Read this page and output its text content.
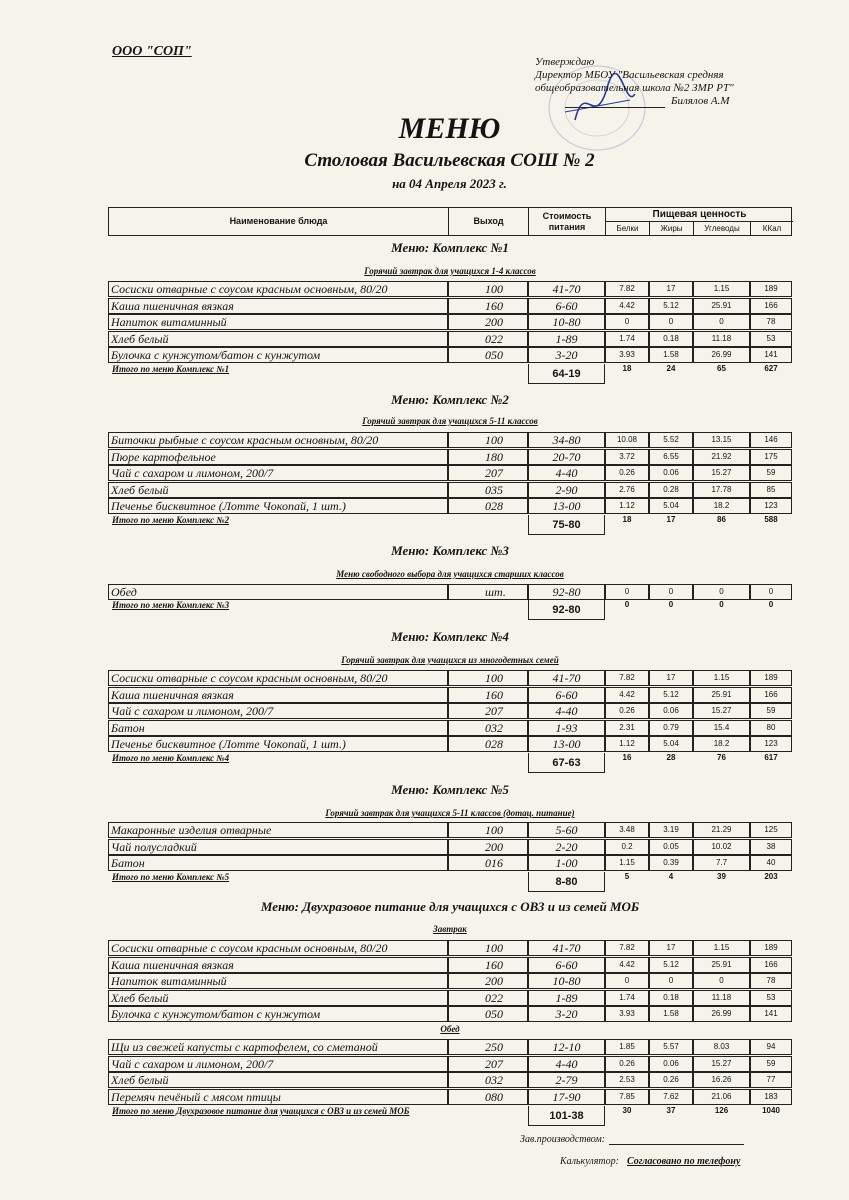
ООО "СОП"
Утверждаю
Директор МБОУ "Васильевская средняя
общеобразовательная школа №2 ЗМР РТ"
Билялов А.М
МЕНЮ
Столовая Васильевская СОШ № 2
на 04 Апреля 2023 г.
Наименование блюда	Выход
Стоимость питания
Пищевая ценность
Белки	Жиры	Углеводы	ККал
Меню: Комплекс №1
Горячий завтрак для учащихся 1-4 классов
Сосиски отварные с соусом красным основным, 80/20	100	41-70	7.82	17	1.15	189
Каша пшеничная вязкая	160	6-60	4.42	5.12	25.91	166
Напиток витаминный	200	10-80	0	0	0	78
Хлеб белый	022	1-89	1.74	0.18	11.18	53
Булочка с кунжутом/батон с кунжутом	050	3-20	3.93	1.58	26.99	141
Итого по меню Комплекс №1	64-19	18	24	65	627
Меню: Комплекс №2
Горячий завтрак для учащихся 5-11 классов
Биточки рыбные с соусом красным основным, 80/20	100	34-80	10.08	5.52	13.15	146
Пюре картофельное	180	20-70	3.72	6.55	21.92	175
Чай с сахаром и лимоном, 200/7	207	4-40	0.26	0.06	15.27	59
Хлеб белый	035	2-90	2.76	0.28	17.78	85
Печенье бисквитное (Лотте Чокопай, 1 шт.)	028	13-00	1.12	5.04	18.2	123
Итого по меню Комплекс №2	75-80	18	17	86	588
Меню: Комплекс №3
Меню свободного выбора для учащихся старших классов
Обед	шт.	92-80	0	0	0	0
Итого по меню Комплекс №3	92-80	0	0	0	0
Меню: Комплекс №4
Горячий завтрак для учащихся из многодетных семей
Сосиски отварные с соусом красным основным, 80/20	100	41-70	7.82	17	1.15	189
Каша пшеничная вязкая	160	6-60	4.42	5.12	25.91	166
Чай с сахаром и лимоном, 200/7	207	4-40	0.26	0.06	15.27	59
Батон	032	1-93	2.31	0.79	15.4	80
Печенье бисквитное (Лотте Чокопай, 1 шт.)	028	13-00	1.12	5.04	18.2	123
Итого по меню Комплекс №4	67-63	16	28	76	617
Меню: Комплекс №5
Горячий завтрак для учащихся 5-11 классов (дотац. питание)
Макаронные изделия отварные	100	5-60	3.48	3.19	21.29	125
Чай полусладкий	200	2-20	0.2	0.05	10.02	38
Батон	016	1-00	1.15	0.39	7.7	40
Итого по меню Комплекс №5	8-80	5	4	39	203
Меню: Двухразовое питание для учащихся с ОВЗ и из семей МОБ
Завтрак
Сосиски отварные с соусом красным основным, 80/20	100	41-70	7.82	17	1.15	189
Каша пшеничная вязкая	160	6-60	4.42	5.12	25.91	166
Напиток витаминный	200	10-80	0	0	0	78
Хлеб белый	022	1-89	1.74	0.18	11.18	53
Булочка с кунжутом/батон с кунжутом	050	3-20	3.93	1.58	26.99	141
Обед
Щи из свежей капусты с картофелем, со сметаной	250	12-10	1.85	5.57	8.03	94
Чай с сахаром и лимоном, 200/7	207	4-40	0.26	0.06	15.27	59
Хлеб белый	032	2-79	2.53	0.26	16.26	77
Перемяч печёный с мясом птицы	080	17-90	7.85	7.62	21.06	183
Итого по меню Двухразовое питание для учащихся с ОВЗ и из семей МОБ	101-38	30	37	126	1040
Зав.производством:
Калькулятор: Согласовано по телефону
